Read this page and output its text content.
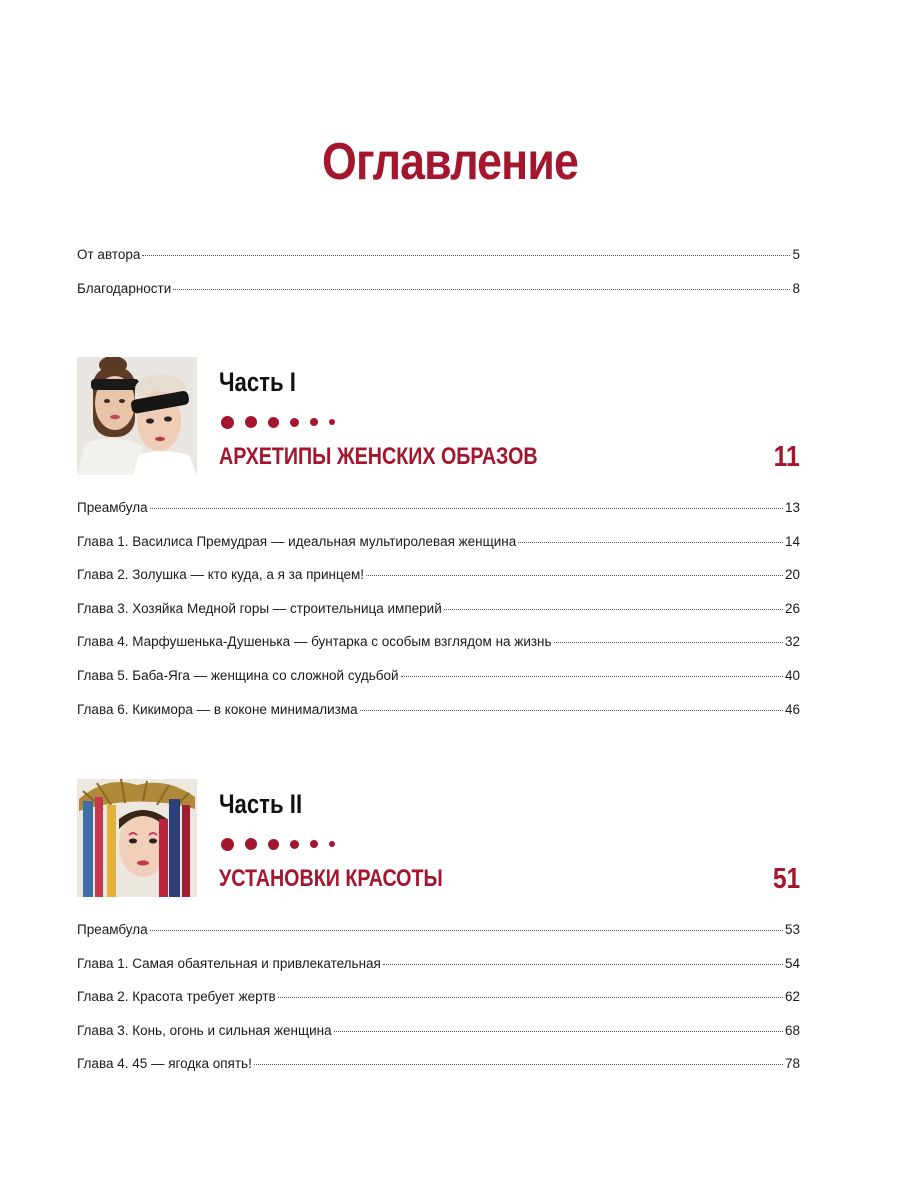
Оглавление
От автора	5
Благодарности	8
Часть I
АРХЕТИПЫ ЖЕНСКИХ ОБРАЗОВ	11
Преамбула	13
Глава 1. Василиса Премудрая — идеальная мультиролевая женщина	14
Глава 2. Золушка — кто куда, а я за принцем!	20
Глава 3. Хозяйка Медной горы — строительница империй	26
Глава 4. Марфушенька-Душенька — бунтарка с особым взглядом на жизнь	32
Глава 5. Баба-Яга — женщина со сложной судьбой	40
Глава 6. Кикимора — в коконе минимализма	46
Часть II
УСТАНОВКИ КРАСОТЫ	51
Преамбула	53
Глава 1. Самая обаятельная и привлекательная	54
Глава 2. Красота требует жертв	62
Глава 3. Конь, огонь и сильная женщина	68
Глава 4. 45 — ягодка опять!	78
